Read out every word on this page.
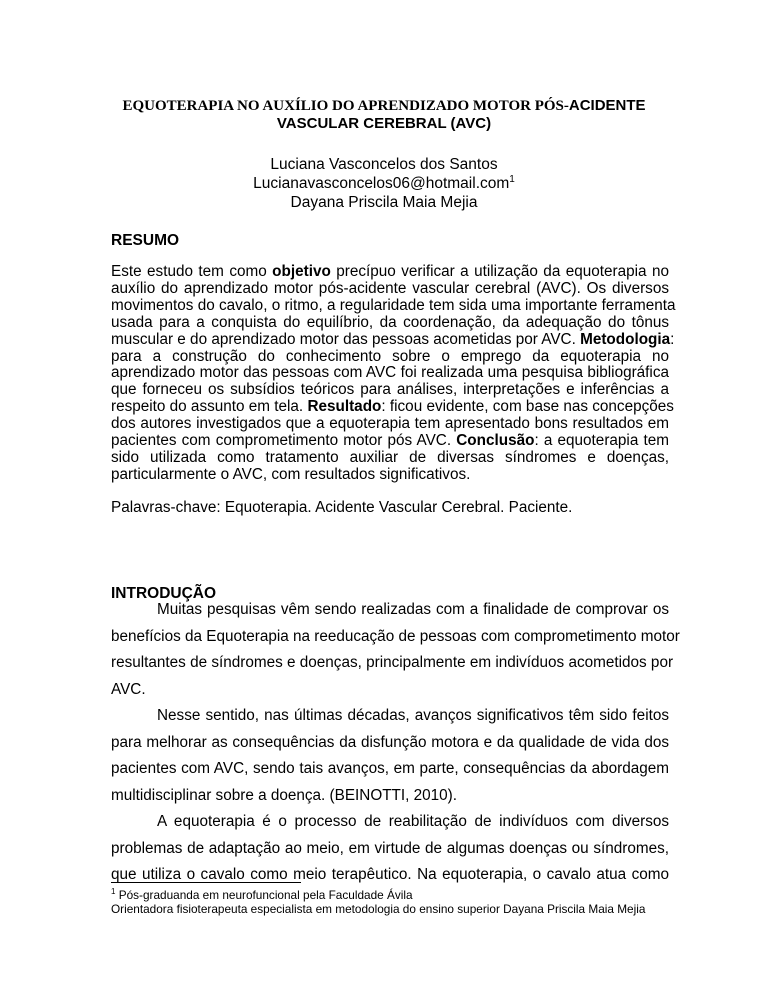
EQUOTERAPIA NO AUXÍLIO DO APRENDIZADO MOTOR PÓS-ACIDENTE
VASCULAR CEREBRAL (AVC)
Luciana Vasconcelos dos Santos
Lucianavasconcelos06@hotmail.com$^1$
Dayana Priscila Maia Mejia
RESUMO
Este estudo tem como objetivo precípuo verificar a utilização da equoterapia no
auxílio do aprendizado motor pós-acidente vascular cerebral (AVC). Os diversos
movimentos do cavalo, o ritmo, a regularidade tem sida uma importante ferramenta
usada para a conquista do equilíbrio, da coordenação, da adequação do tônus
muscular e do aprendizado motor das pessoas acometidas por AVC. Metodologia:
para a construção do conhecimento sobre o emprego da equoterapia no
aprendizado motor das pessoas com AVC foi realizada uma pesquisa bibliográfica
que forneceu os subsídios teóricos para análises, interpretações e inferências a
respeito do assunto em tela. Resultado: ficou evidente, com base nas concepções
dos autores investigados que a equoterapia tem apresentado bons resultados em
pacientes com comprometimento motor pós AVC. Conclusão: a equoterapia tem
sido utilizada como tratamento auxiliar de diversas síndromes e doenças,
particularmente o AVC, com resultados significativos.
Palavras-chave: Equoterapia. Acidente Vascular Cerebral. Paciente.
INTRODUÇÃO
Muitas pesquisas vêm sendo realizadas com a finalidade de comprovar os
benefícios da Equoterapia na reeducação de pessoas com comprometimento motor
resultantes de síndromes e doenças, principalmente em indivíduos acometidos por
AVC.
Nesse sentido, nas últimas décadas, avanços significativos têm sido feitos
para melhorar as consequências da disfunção motora e da qualidade de vida dos
pacientes com AVC, sendo tais avanços, em parte, consequências da abordagem
multidisciplinar sobre a doença. (BEINOTTI, 2010).
A equoterapia é o processo de reabilitação de indivíduos com diversos
problemas de adaptação ao meio, em virtude de algumas doenças ou síndromes,
que utiliza o cavalo como meio terapêutico. Na equoterapia, o cavalo atua como
$^1$ Pós-graduanda em neurofuncional pela Faculdade Ávila
Orientadora fisioterapeuta especialista em metodologia do ensino superior Dayana Priscila Maia Mejia
